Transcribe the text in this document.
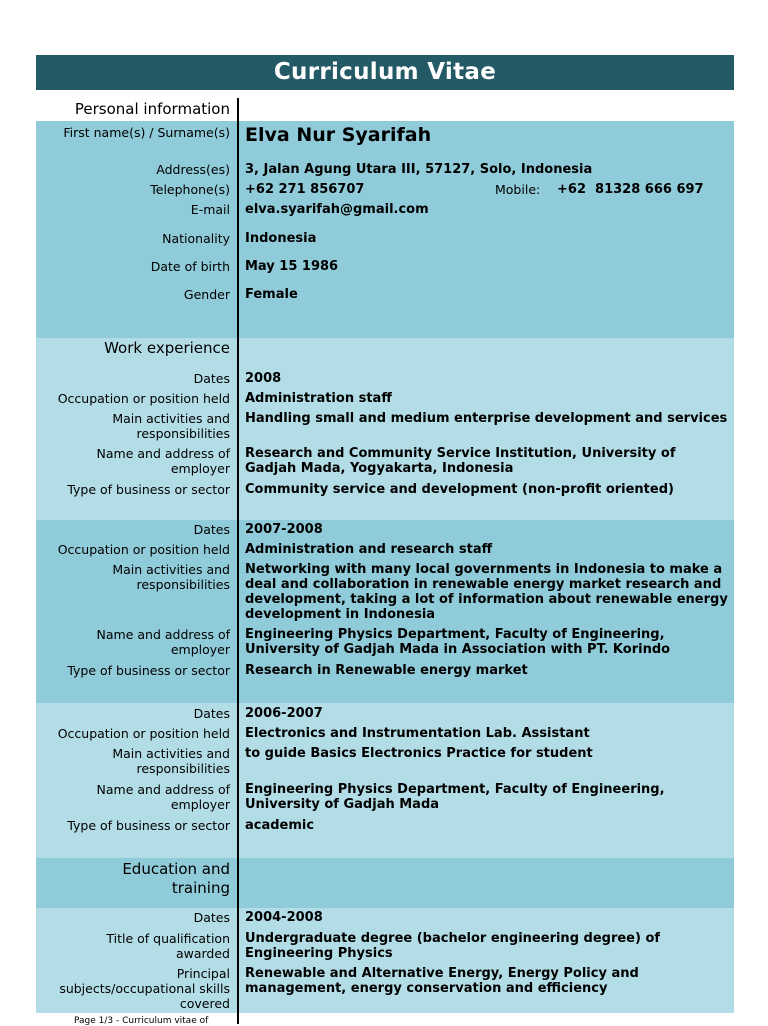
Curriculum Vitae
Personal information
First name(s) / Surname(s) Elva Nur Syarifah
Address(es) 3, Jalan Agung Utara III, 57127, Solo, Indonesia
Telephone(s) +62 271 856707	Mobile: +62  81328 666 697
E-mail elva.syarifah@gmail.com
Nationality Indonesia
Date of birth May 15 1986
Gender Female
Work experience
Dates 2008
Occupation or position held Administration staff
Main activities and responsibilities
Handling small and medium enterprise development and services
Name and address of employer
Research and Community Service Institution, University of Gadjah Mada, Yogyakarta, Indonesia
Type of business or sector Community service and development (non-profit oriented)
Dates 2007-2008
Occupation or position held Administration and research staff
Main activities and responsibilities
Networking with many local governments in Indonesia to make a deal and collaboration in renewable energy market research and development, taking a lot of information about renewable energy development in Indonesia
Name and address of employer
Engineering Physics Department, Faculty of Engineering, University of Gadjah Mada in Association with PT. Korindo
Type of business or sector Research in Renewable energy market
Dates 2006-2007
Occupation or position held Electronics and Instrumentation Lab. Assistant
Main activities and responsibilities
to guide Basics Electronics Practice for student
Name and address of employer
Engineering Physics Department, Faculty of Engineering, University of Gadjah Mada
Type of business or sector academic
Education and training
Dates 2004-2008
Title of qualification awarded
Undergraduate degree (bachelor engineering degree) of Engineering Physics
Principal subjects/occupational skills covered
Renewable and Alternative Energy, Energy Policy and management, energy conservation and efficiency
Page 1/3 - Curriculum vitae of
